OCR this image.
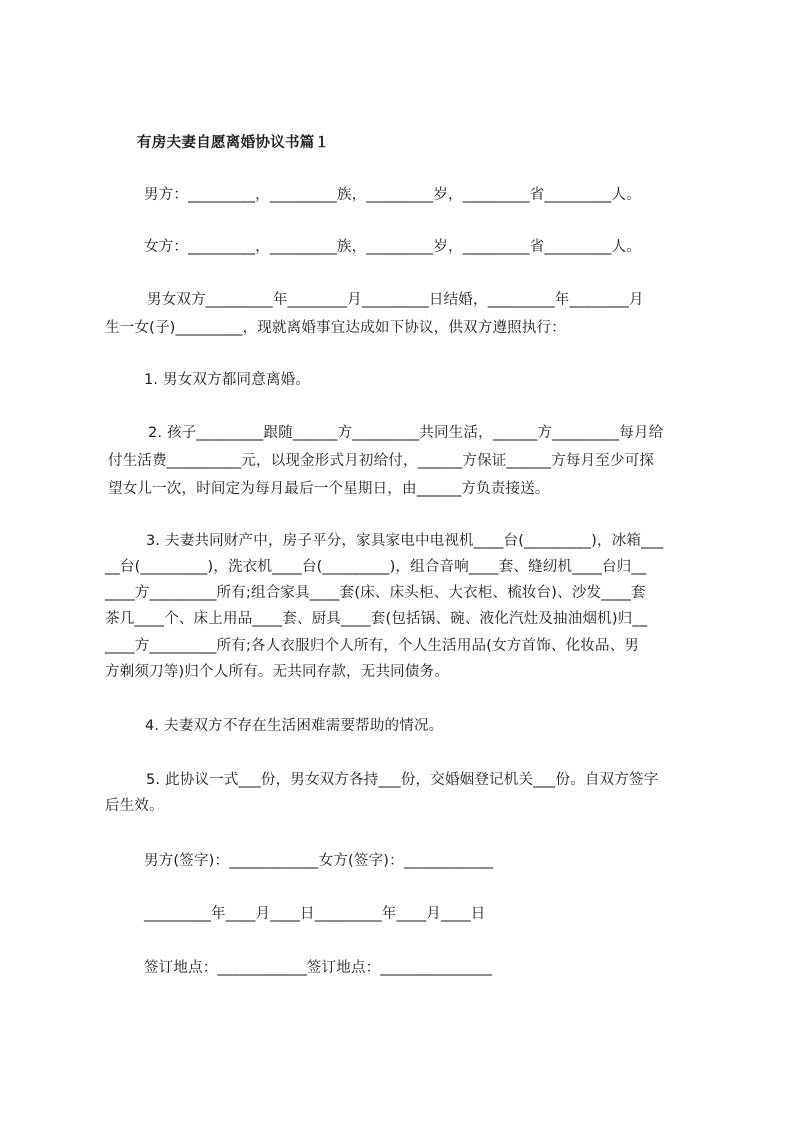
有房夫妻自愿离婚协议书篇１
男方：_________，_________族，_________岁，_________省_________人。
女方：_________，_________族，_________岁，_________省_________人。
男女双方_________年________月_________日结婚，_________年________月
生一女(子)_________，现就离婚事宜达成如下协议，供双方遵照执行：
1. 男女双方都同意离婚。
2. 孩子_________跟随______方_________共同生活，______方_________每月给
付生活费__________元，以现金形式月初给付，______方保证______方每月至少可探
望女儿一次，时间定为每月最后一个星期日，由______方负责接送。
3. 夫妻共同财产中，房子平分，家具家电中电视机____台(_________)，冰箱___
__台(_________)，洗衣机____台(_________)，组合音响____套、缝纫机____台归__
____方_________所有;组合家具____套(床、床头柜、大衣柜、梳妆台)、沙发____套
茶几____个、床上用品____套、厨具____套(包括锅、碗、液化汽灶及抽油烟机)归__
____方_________所有;各人衣服归个人所有，个人生活用品(女方首饰、化妆品、男
方剃须刀等)归个人所有。无共同存款，无共同债务。
4. 夫妻双方不存在生活困难需要帮助的情况。
5. 此协议一式___份，男女双方各持___份，交婚姻登记机关___份。自双方签字
后生效。
男方(签字)：____________女方(签字)：____________
_________年____月____日_________年____月____日
签订地点：____________签订地点：_______________
